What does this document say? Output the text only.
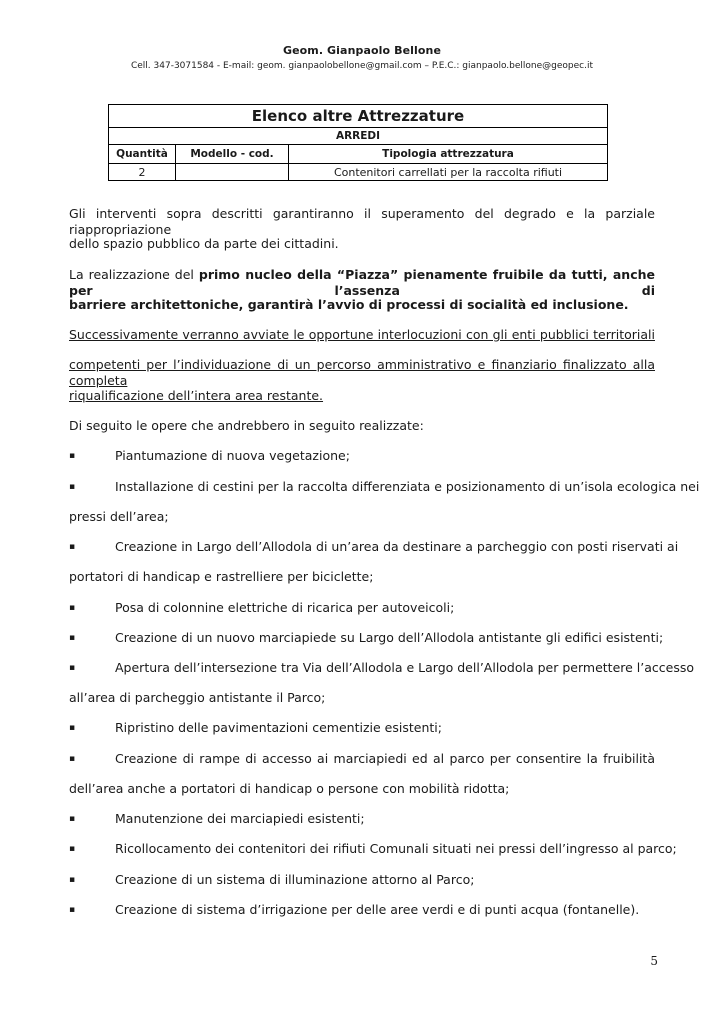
Geom. Gianpaolo Bellone
Cell. 347-3071584 - E-mail: geom. gianpaolobellone@gmail.com – P.E.C.: gianpaolo.bellone@geopec.it
Elenco altre Attrezzature		
ARREDI		
Quantità	Modello - cod.	Tipologia attrezzatura
2		Contenitori carrellati per la raccolta rifiuti
Gli interventi sopra descritti garantiranno il superamento del degrado e la parziale riappropriazione
dello spazio pubblico da parte dei cittadini.
La realizzazione del primo nucleo della “Piazza” pienamente fruibile da tutti, anche per l’assenza di
barriere architettoniche, garantirà l’avvio di processi di socialità ed inclusione.
Successivamente verranno avviate le opportune interlocuzioni con gli enti pubblici territoriali
competenti per l’individuazione di un percorso amministrativo e finanziario finalizzato alla completa
riqualificazione dell’intera area restante.
Di seguito le opere che andrebbero in seguito realizzate:
▪	Piantumazione di nuova vegetazione;
▪	Installazione di cestini per la raccolta differenziata e posizionamento di un’isola ecologica nei
pressi dell’area;
▪	Creazione in Largo dell’Allodola di un’area da destinare a parcheggio con posti riservati ai
portatori di handicap e rastrelliere per biciclette;
▪	Posa di colonnine elettriche di ricarica per autoveicoli;
▪	Creazione di un nuovo marciapiede su Largo dell’Allodola antistante gli edifici esistenti;
▪	Apertura dell’intersezione tra Via dell’Allodola e Largo dell’Allodola per permettere l’accesso
all’area di parcheggio antistante il Parco;
▪	Ripristino delle pavimentazioni cementizie esistenti;
▪	Creazione di rampe di accesso ai marciapiedi ed al parco per consentire la fruibilità
dell’area anche a portatori di handicap o persone con mobilità ridotta;
▪	Manutenzione dei marciapiedi esistenti;
▪	Ricollocamento dei contenitori dei rifiuti Comunali situati nei pressi dell’ingresso al parco;
▪	Creazione di un sistema di illuminazione attorno al Parco;
▪	Creazione di sistema d’irrigazione per delle aree verdi e di punti acqua (fontanelle).
5
